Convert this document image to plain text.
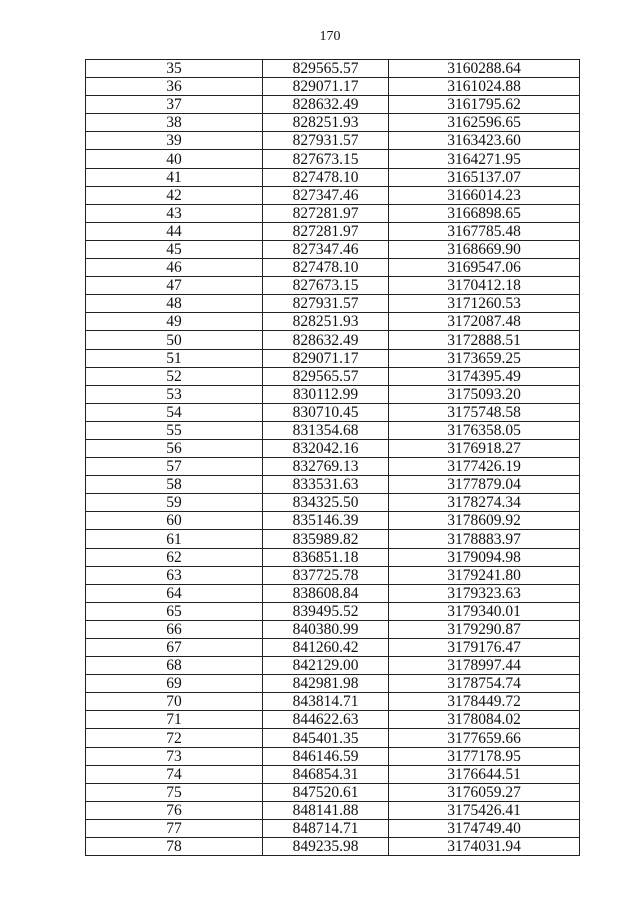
170
35	829565.57	3160288.64
36	829071.17	3161024.88
37	828632.49	3161795.62
38	828251.93	3162596.65
39	827931.57	3163423.60
40	827673.15	3164271.95
41	827478.10	3165137.07
42	827347.46	3166014.23
43	827281.97	3166898.65
44	827281.97	3167785.48
45	827347.46	3168669.90
46	827478.10	3169547.06
47	827673.15	3170412.18
48	827931.57	3171260.53
49	828251.93	3172087.48
50	828632.49	3172888.51
51	829071.17	3173659.25
52	829565.57	3174395.49
53	830112.99	3175093.20
54	830710.45	3175748.58
55	831354.68	3176358.05
56	832042.16	3176918.27
57	832769.13	3177426.19
58	833531.63	3177879.04
59	834325.50	3178274.34
60	835146.39	3178609.92
61	835989.82	3178883.97
62	836851.18	3179094.98
63	837725.78	3179241.80
64	838608.84	3179323.63
65	839495.52	3179340.01
66	840380.99	3179290.87
67	841260.42	3179176.47
68	842129.00	3178997.44
69	842981.98	3178754.74
70	843814.71	3178449.72
71	844622.63	3178084.02
72	845401.35	3177659.66
73	846146.59	3177178.95
74	846854.31	3176644.51
75	847520.61	3176059.27
76	848141.88	3175426.41
77	848714.71	3174749.40
78	849235.98	3174031.94
